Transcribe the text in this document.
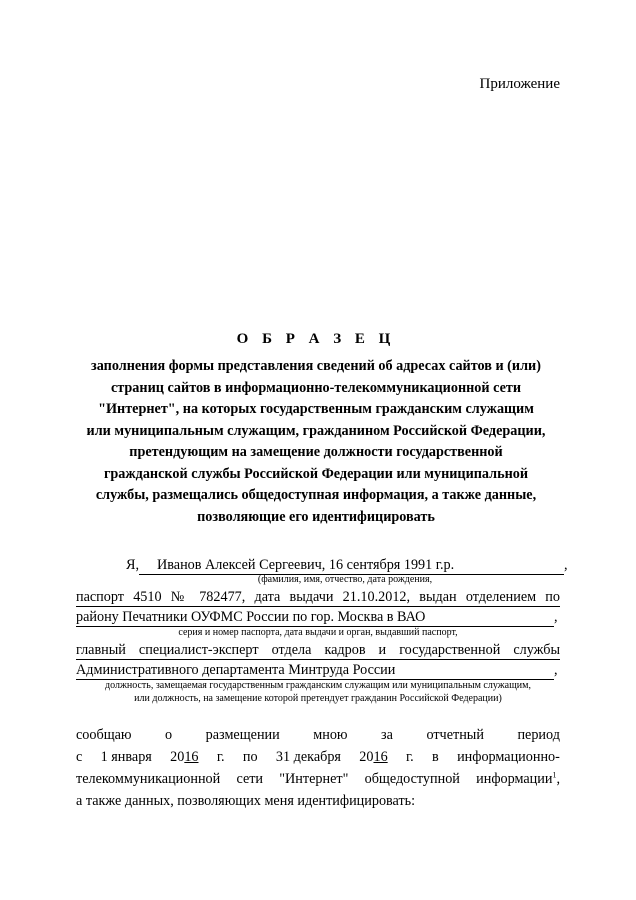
Приложение
О Б Р А З Е Ц
заполнения формы представления сведений об адресах сайтов и (или)
страниц сайтов в информационно-телекоммуникационной сети
"Интернет", на которых государственным гражданским служащим
или муниципальным служащим, гражданином Российской Федерации,
претендующим на замещение должности государственной
гражданской службы Российской Федерации или муниципальной
службы, размещались общедоступная информация, а также данные,
позволяющие его идентифицировать
Я, Иванов Алексей Сергеевич, 16 сентября 1991 г.р.	,
(фамилия, имя, отчество, дата рождения,
паспорт 4510 № 782477, дата выдачи 21.10.2012, выдан отделением по
району Печатники ОУФМС России по гор. Москва в ВАО	,
серия и номер паспорта, дата выдачи и орган, выдавший паспорт,
главный специалист-эксперт отдела кадров и государственной службы
Административного департамента Минтруда России	,
должность, замещаемая государственным гражданским служащим или муниципальным служащим,
или должность, на замещение которой претендует гражданин Российской Федерации)
сообщаю о размещении мною за отчетный период
с 1 января 2016 г. по 31 декабря 2016 г. в информационно-
телекоммуникационной сети "Интернет" общедоступной информации$^1$,
а также данных, позволяющих меня идентифицировать:
